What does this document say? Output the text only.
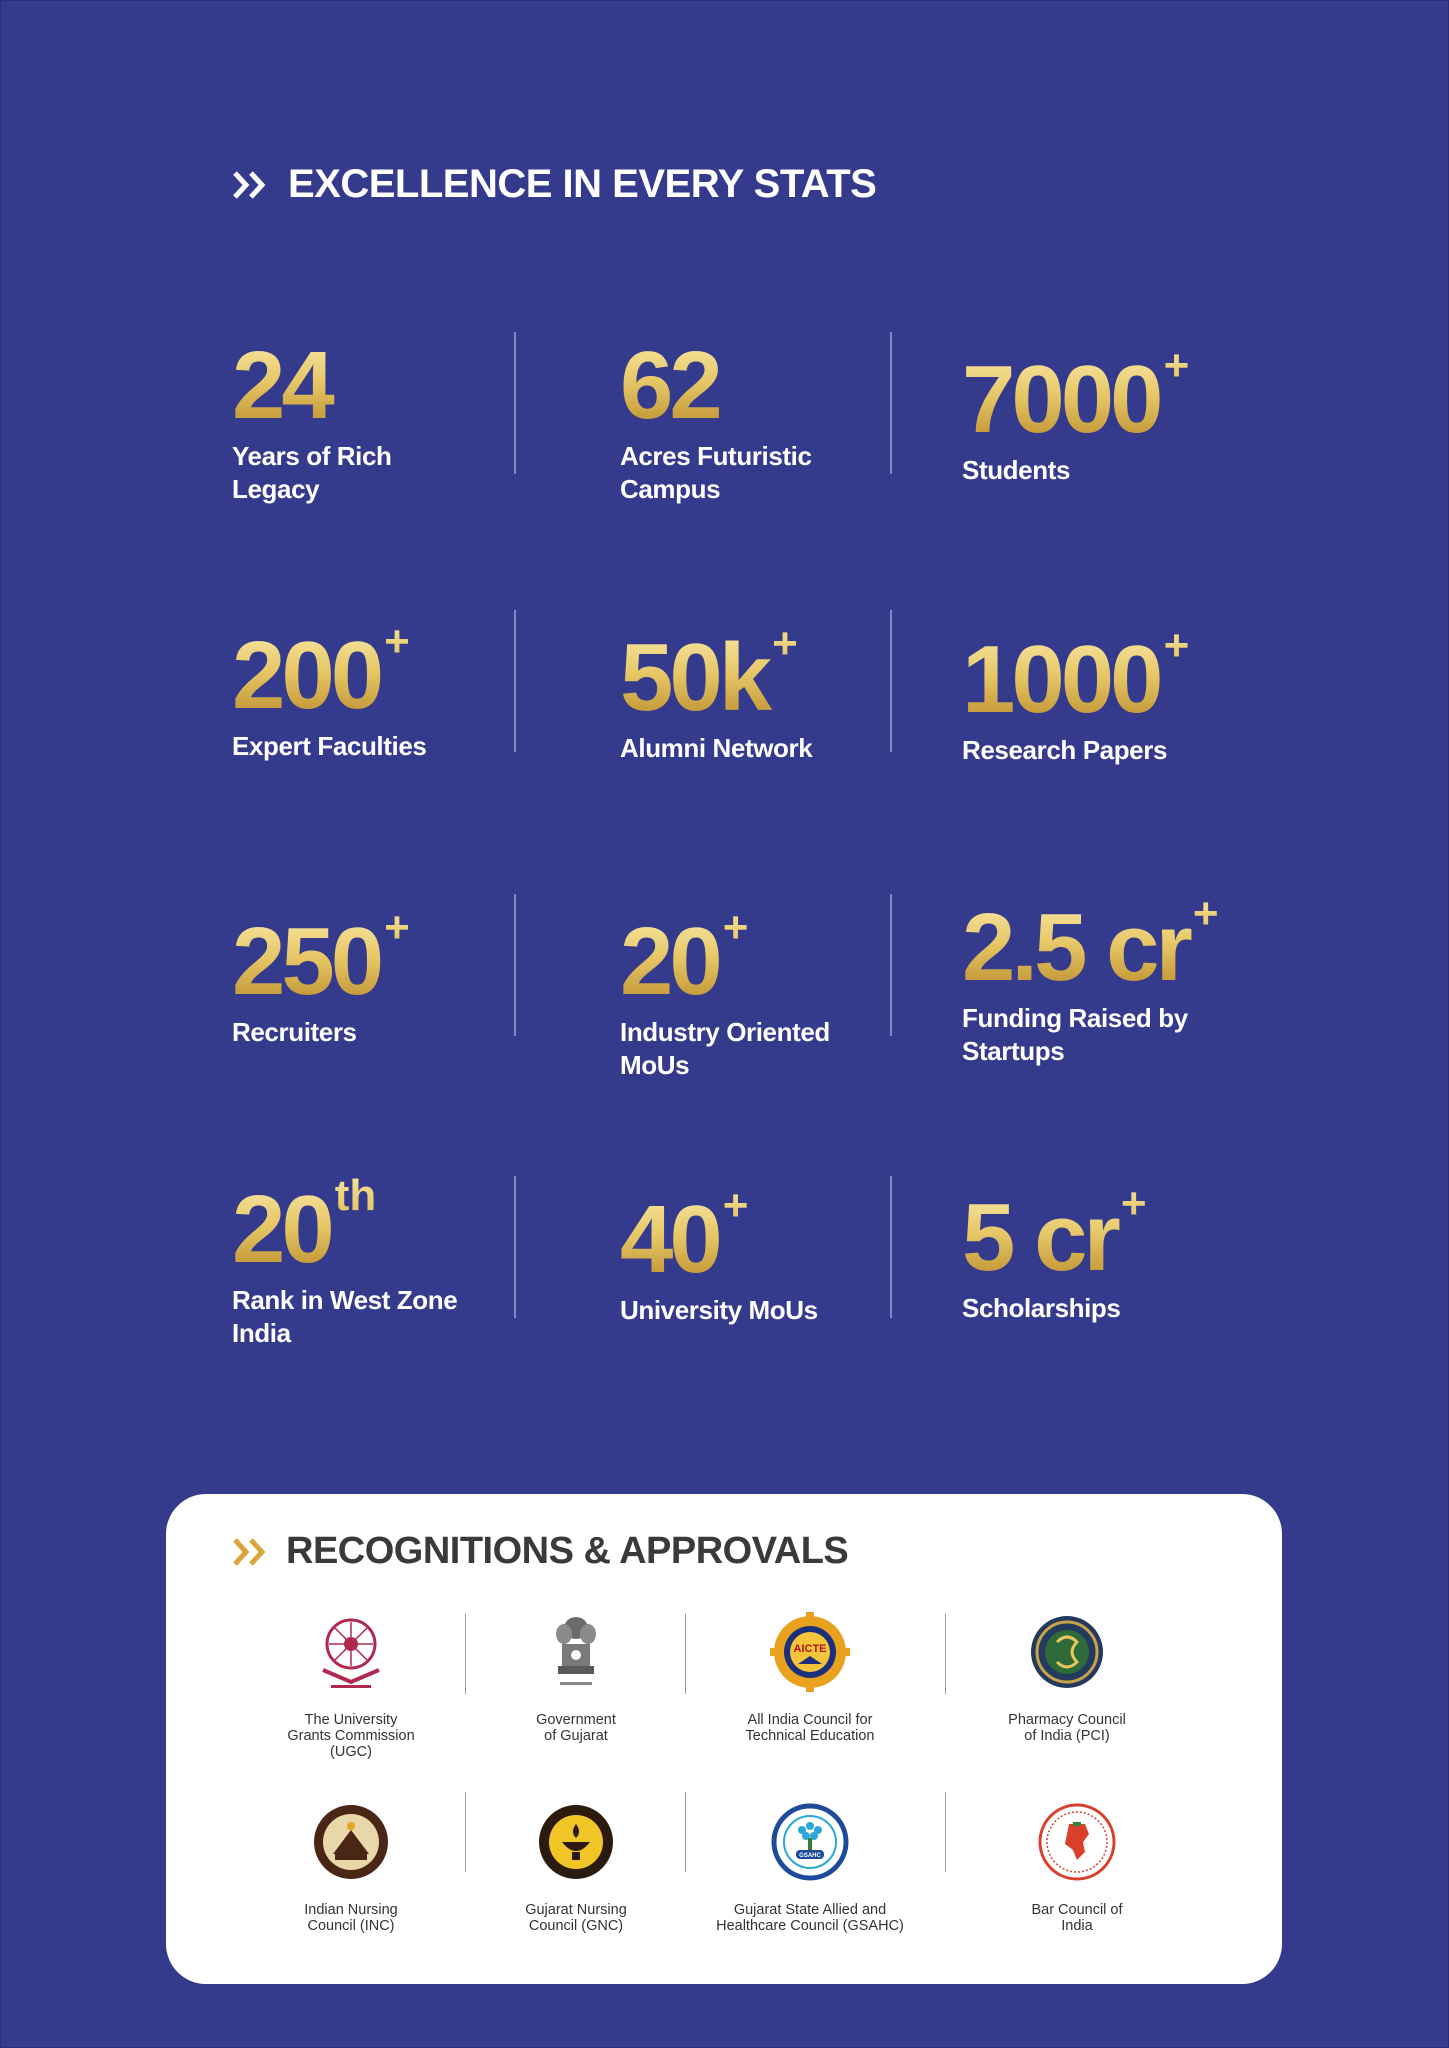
EXCELLENCE IN EVERY STATS
24
Years of Rich
Legacy
62
Acres Futuristic
Campus
7000+
Students
200+
Expert Faculties
50k+
Alumni Network
1000+
Research Papers
250+
Recruiters
20+
Industry Oriented
MoUs
2.5 cr+
Funding Raised by
Startups
20th
Rank in West Zone
India
40+
University MoUs
5 cr+
Scholarships
RECOGNITIONS & APPROVALS
The University
Grants Commission
(UGC)
Government
of Gujarat
AICTE
All India Council for
Technical Education
Pharmacy Council
of India (PCI)
Indian Nursing
Council (INC)
Gujarat Nursing
Council (GNC)
GSAHC
Gujarat State Allied and
Healthcare Council (GSAHC)
Bar Council of
India
